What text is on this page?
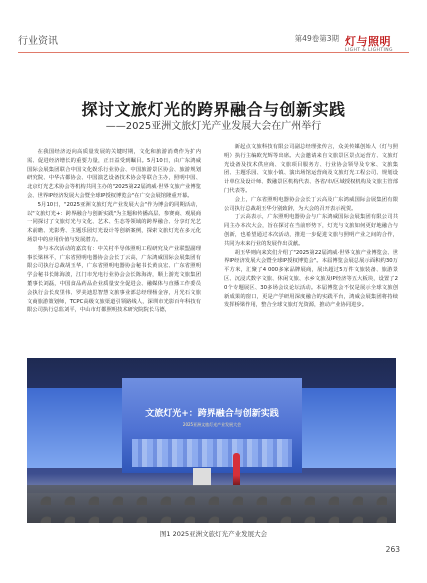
行业资讯	第49卷第3期 灯与照明
LIGHT & LIGHTING
探讨文旅灯光的跨界融合与创新实践
——2025亚洲文旅灯光产业发展大会在广州举行

在我国经济迈向高质量发展的关键时期，文化和旅游消费作为扩内需、促进经济增长的重要力量，正日益受到瞩目。5月10日，由广东鸿威国际会展集团联合中国文化娱乐行业协会、中国旅游景区协会、旅游规划研究院、中华古都协会、中国演艺设备技术协会等联合主办，照明中国、北京灯光艺术协会等机构共同主办的"2025第22届鸿威·世界文旅产业博览会、世界IP经济发展大会暨全球IP授权博览会"在广交会展馆隆重开幕。

5月10日，"2025亚洲文旅灯光产业发展大会"作为博会的同期活动，以"文旅灯光+：跨界融合与创新实践"为主题和传播高层、参赛商、观展商一同探讨了文旅灯光与文化、艺术、生态等领域的跨界融合、分享灯光艺术前瞻、光影秀、主题乐园灯光设计等创新案例，探索文旅灯光在多元化场景中的应用价值与发展潜力。

参与本次活动的嘉宾有：中关村半导体照明工程研究及产业联盟副理事长梁林平，广东省照明电器协会会长丁云高，广东鸿威国际会展集团有限公司执行总裁胡玉华，广东省照明电器协会秘书长黄良宏、广东省照明学会秘书长陈海波，江门市光电行业协会会长陈海涛，顺上游光文旅集团董事长刘磊，中国食品药品企业质量安全促进会、融媒体与直播工作委员会执行会长皮里伟、罗美迪思智慧文旅事业部总经理杨金容，月光石文旅文商旅游策划师，TCPC高级文旅渠道引领路线人，深圳市光影百年科技有限公司执行总监刘平，中山市灯都照明技术研究院院长马德，

新起点文旅科技有限公司副总经理张传言，众美传媒创始人（灯与照明）执行主编欧光辉等出席。大会邀请来自文旅景区景点运营方、文旅灯光设备及技术供应商、文旅项目服务方、行业协会领导及专家、文旅集团、主题乐园、文旅小镇、演出场馆运营商及文旅灯光工程公司、规划设计单位及设计师、数融景区机构代表、各省/市/区域授权机构及文旅主管部门代表等。

会上，广东省照明电器协会会长丁云高及广东鸿威国际会展集团有限公司执行总裁胡玉华分别致辞，为大会的召开表示祝贺。

丁云高表示，广东照明电器协会与广东鸿威国际会展集团有限公司共同主办本次大会，旨在探讨在当前形势下，灯光与文旅如何更好地融合与创新，也希望通过本次活动，推进一步促进文旅与照明产业之间的合作，共同为未来行业的发展作出贡献。

胡玉华则向来宾们介绍了"2025第22届鸿威·世界文旅产业博览会、世界IP经济发展大会暨全球IP授权博览会"。本届博览会展总展示面积约30万平方米，汇聚了4 000多家品牌展商，展出超过5万件文旅装备、旅游景区、沉浸式数字文旅、休闲文旅、水乡文旅及IP经济等五大板块，设置了20个专题展区、30多场会议论坛活动。本届博览会不仅是展示全球文旅创新成果的窗口，更是产学研用深度融合的实践平台，鸿威会展集团将持续发挥桥梁作用，整合全球文旅灯光资源，推动产业协同进步。

文旅灯光+：跨界融合与创新实践
2025亚洲文旅灯光产业发展大会
图1 2025亚洲文旅灯光产业发展大会
263
